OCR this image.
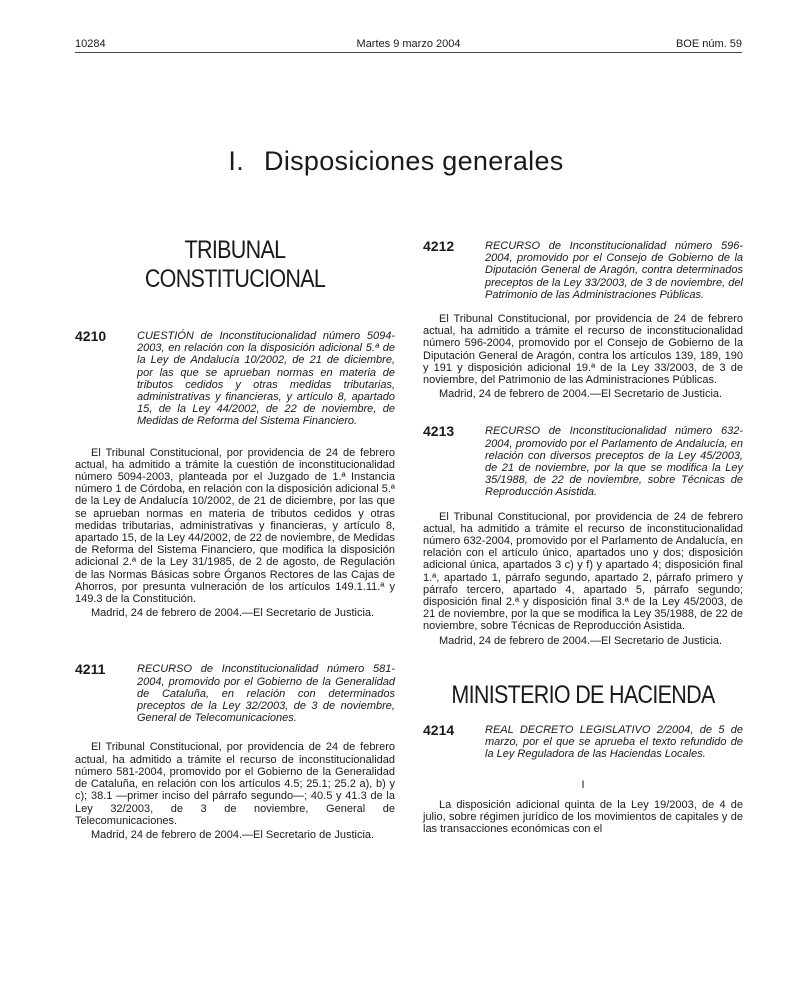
10284	Martes 9 marzo 2004	BOE núm. 59
I. Disposiciones generales
TRIBUNAL CONSTITUCIONAL
4210	CUESTIÓN de Inconstitucionalidad número 5094-2003, en relación con la disposición adicional 5.ª de la Ley de Andalucía 10/2002, de 21 de diciembre, por las que se aprueban normas en materia de tributos cedidos y otras medidas tributarias, administrativas y financieras, y artículo 8, apartado 15, de la Ley 44/2002, de 22 de noviembre, de Medidas de Reforma del Sistema Financiero.

El Tribunal Constitucional, por providencia de 24 de febrero actual, ha admitido a trámite la cuestión de inconstitucionalidad número 5094-2003, planteada por el Juzgado de 1.ª Instancia número 1 de Córdoba, en relación con la disposición adicional 5.ª de la Ley de Andalucía 10/2002, de 21 de diciembre, por las que se aprueban normas en materia de tributos cedidos y otras medidas tributarias, administrativas y financieras, y artículo 8, apartado 15, de la Ley 44/2002, de 22 de noviembre, de Medidas de Reforma del Sistema Financiero, que modifica la disposición adicional 2.ª de la Ley 31/1985, de 2 de agosto, de Regulación de las Normas Básicas sobre Órganos Rectores de las Cajas de Ahorros, por presunta vulneración de los artículos 149.1.11.ª y 149.3 de la Constitución.

Madrid, 24 de febrero de 2004.—El Secretario de Justicia.

4211	RECURSO de Inconstitucionalidad número 581-2004, promovido por el Gobierno de la Generalidad de Cataluña, en relación con determinados preceptos de la Ley 32/2003, de 3 de noviembre, General de Telecomunicaciones.

El Tribunal Constitucional, por providencia de 24 de febrero actual, ha admitido a trámite el recurso de inconstitucionalidad número 581-2004, promovido por el Gobierno de la Generalidad de Cataluña, en relación con los artículos 4.5; 25.1; 25.2 a), b) y c); 38.1 —primer inciso del párrafo segundo—; 40.5 y 41.3 de la Ley 32/2003, de 3 de noviembre, General de Telecomunicaciones.

Madrid, 24 de febrero de 2004.—El Secretario de Justicia.

4212	RECURSO de Inconstitucionalidad número 596-2004, promovido por el Consejo de Gobierno de la Diputación General de Aragón, contra determinados preceptos de la Ley 33/2003, de 3 de noviembre, del Patrimonio de las Administraciones Públicas.

El Tribunal Constitucional, por providencia de 24 de febrero actual, ha admitido a trámite el recurso de inconstitucionalidad número 596-2004, promovido por el Consejo de Gobierno de la Diputación General de Aragón, contra los artículos 139, 189, 190 y 191 y disposición adicional 19.ª de la Ley 33/2003, de 3 de noviembre, del Patrimonio de las Administraciones Públicas.

Madrid, 24 de febrero de 2004.—El Secretario de Justicia.

4213	RECURSO de Inconstitucionalidad número 632-2004, promovido por el Parlamento de Andalucía, en relación con diversos preceptos de la Ley 45/2003, de 21 de noviembre, por la que se modifica la Ley 35/1988, de 22 de noviembre, sobre Técnicas de Reproducción Asistida.

El Tribunal Constitucional, por providencia de 24 de febrero actual, ha admitido a trámite el recurso de inconstitucionalidad número 632-2004, promovido por el Parlamento de Andalucía, en relación con el artículo único, apartados uno y dos; disposición adicional única, apartados 3 c) y f) y apartado 4; disposición final 1.ª, apartado 1, párrafo segundo, apartado 2, párrafo primero y párrafo tercero, apartado 4, apartado 5, párrafo segundo; disposición final 2.ª y disposición final 3.ª de la Ley 45/2003, de 21 de noviembre, por la que se modifica la Ley 35/1988, de 22 de noviembre, sobre Técnicas de Reproducción Asistida.

Madrid, 24 de febrero de 2004.—El Secretario de Justicia.

MINISTERIO DE HACIENDA
4214	REAL DECRETO LEGISLATIVO 2/2004, de 5 de marzo, por el que se aprueba el texto refundido de la Ley Reguladora de las Haciendas Locales.

I

La disposición adicional quinta de la Ley 19/2003, de 4 de julio, sobre régimen jurídico de los movimientos de capitales y de las transacciones económicas con el
